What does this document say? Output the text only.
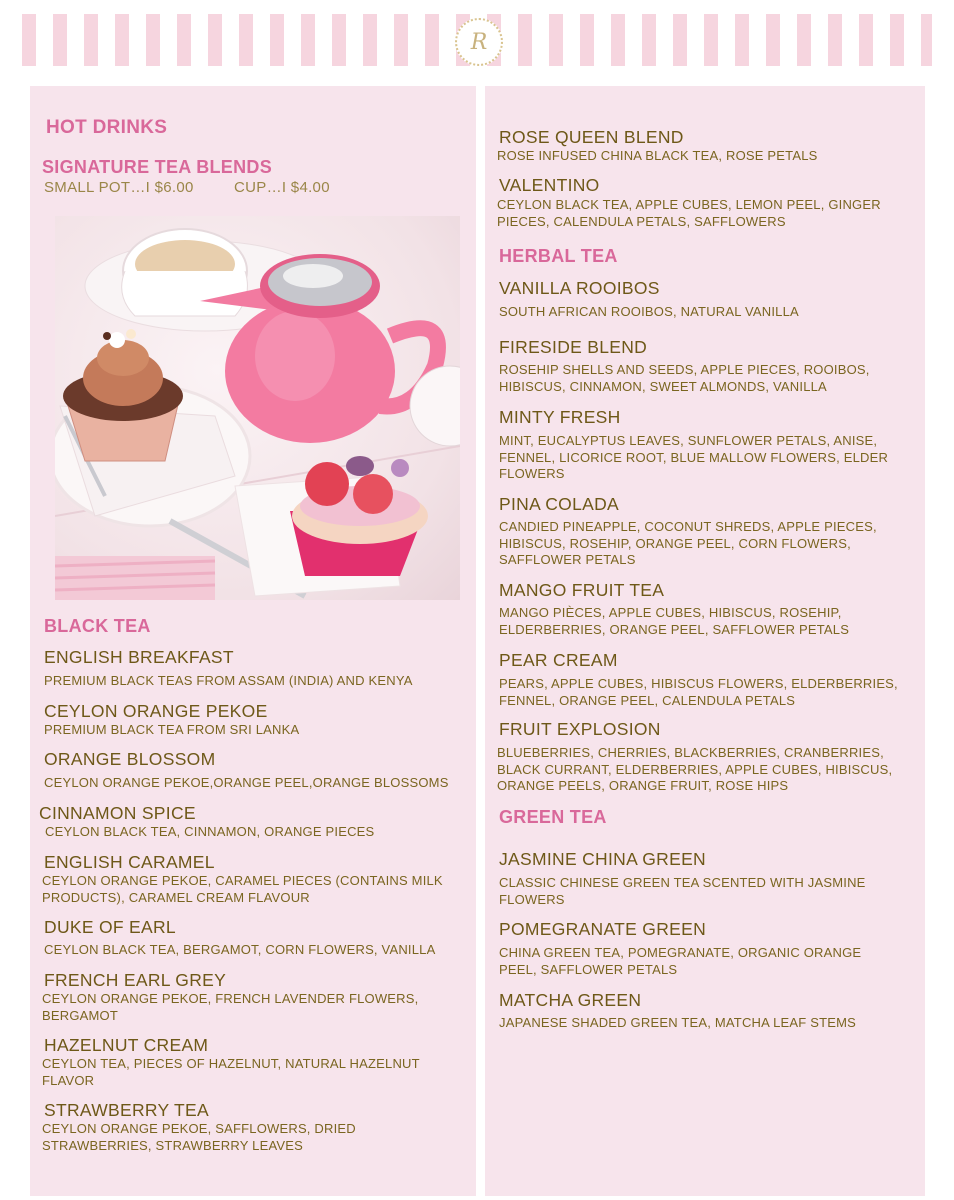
R
HOT DRINKS
SIGNATURE TEA BLENDS
SMALL POT…I $6.00	CUP…I $4.00
BLACK TEA
ENGLISH BREAKFAST
PREMIUM BLACK TEAS FROM ASSAM (INDIA) AND KENYA
CEYLON ORANGE PEKOE
PREMIUM BLACK TEA FROM SRI LANKA
ORANGE BLOSSOM
CEYLON ORANGE PEKOE,ORANGE PEEL,ORANGE BLOSSOMS
CINNAMON SPICE
CEYLON BLACK TEA, CINNAMON, ORANGE PIECES
ENGLISH CARAMEL
CEYLON ORANGE PEKOE, CARAMEL PIECES (CONTAINS MILK PRODUCTS), CARAMEL CREAM FLAVOUR
DUKE OF EARL
CEYLON BLACK TEA, BERGAMOT, CORN FLOWERS, VANILLA
FRENCH EARL GREY
CEYLON ORANGE PEKOE, FRENCH LAVENDER FLOWERS, BERGAMOT
HAZELNUT CREAM
CEYLON TEA, PIECES OF HAZELNUT, NATURAL HAZELNUT FLAVOR
STRAWBERRY TEA
CEYLON ORANGE PEKOE, SAFFLOWERS, DRIED STRAWBERRIES, STRAWBERRY LEAVES
ROSE QUEEN BLEND
ROSE INFUSED CHINA BLACK TEA, ROSE PETALS
VALENTINO
CEYLON BLACK TEA, APPLE CUBES, LEMON PEEL, GINGER PIECES, CALENDULA PETALS, SAFFLOWERS
HERBAL TEA
VANILLA ROOIBOS
SOUTH AFRICAN ROOIBOS, NATURAL VANILLA
FIRESIDE BLEND
ROSEHIP SHELLS AND SEEDS, APPLE PIECES, ROOIBOS, HIBISCUS, CINNAMON, SWEET ALMONDS, VANILLA
MINTY FRESH
MINT, EUCALYPTUS LEAVES, SUNFLOWER PETALS, ANISE, FENNEL, LICORICE ROOT, BLUE MALLOW FLOWERS, ELDER FLOWERS
PINA COLADA
CANDIED PINEAPPLE, COCONUT SHREDS, APPLE PIECES, HIBISCUS, ROSEHIP, ORANGE PEEL, CORN FLOWERS, SAFFLOWER PETALS
MANGO FRUIT TEA
MANGO PIÈCES, APPLE CUBES, HIBISCUS, ROSEHIP, ELDERBERRIES, ORANGE PEEL, SAFFLOWER PETALS
PEAR CREAM
PEARS, APPLE CUBES, HIBISCUS FLOWERS, ELDERBERRIES, FENNEL, ORANGE PEEL, CALENDULA PETALS
FRUIT EXPLOSION
BLUEBERRIES, CHERRIES, BLACKBERRIES, CRANBERRIES, BLACK CURRANT, ELDERBERRIES, APPLE CUBES, HIBISCUS, ORANGE PEELS, ORANGE FRUIT, ROSE HIPS
GREEN TEA
JASMINE CHINA GREEN
CLASSIC CHINESE GREEN TEA SCENTED WITH JASMINE FLOWERS
POMEGRANATE GREEN
CHINA GREEN TEA, POMEGRANATE, ORGANIC ORANGE PEEL, SAFFLOWER PETALS
MATCHA GREEN
JAPANESE SHADED GREEN TEA, MATCHA LEAF STEMS
